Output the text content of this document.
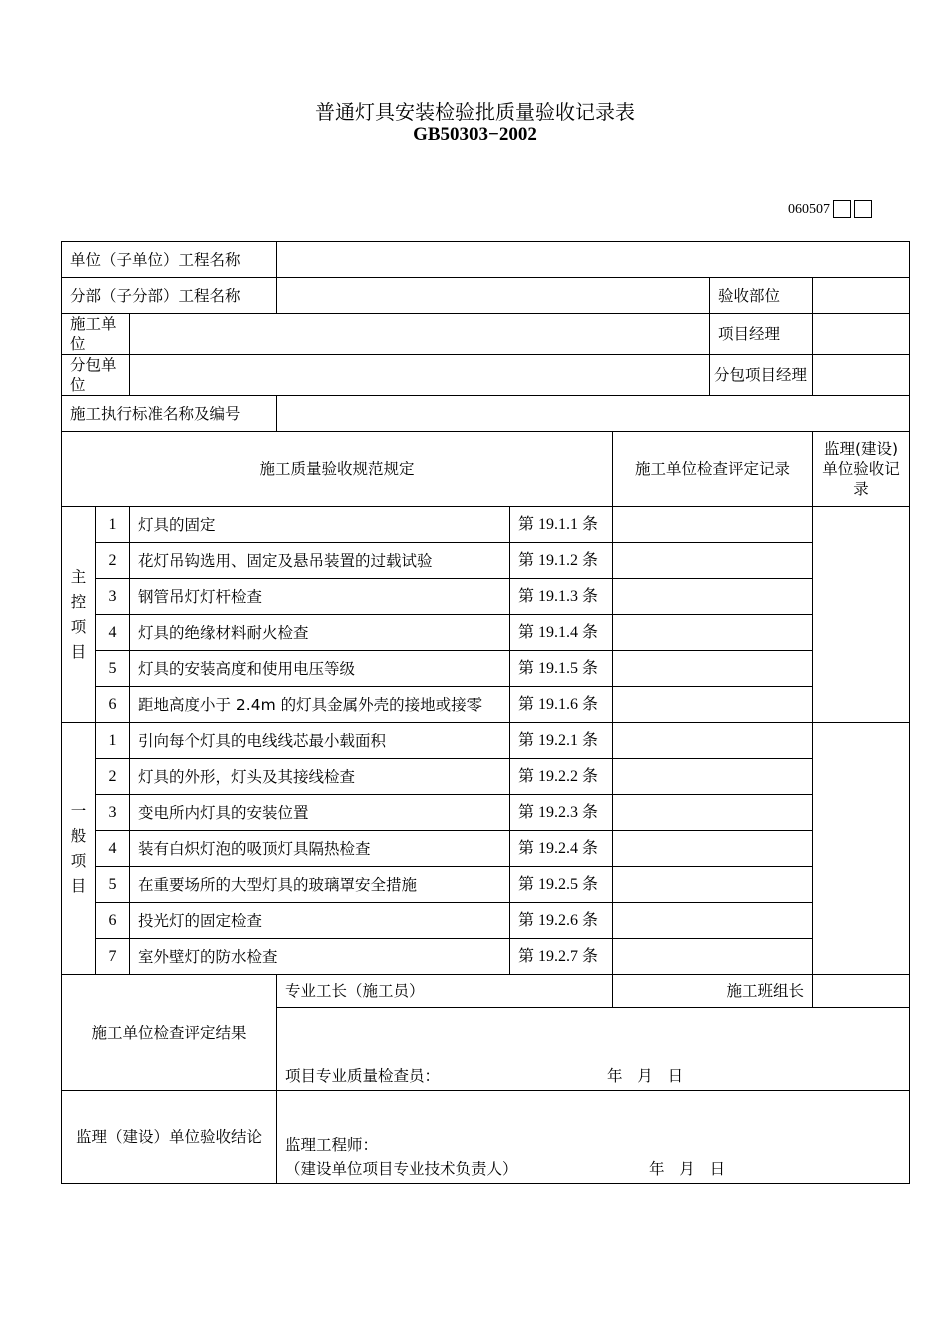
普通灯具安装检验批质量验收记录表
GB50303−2002
060507
单位（子单位）工程名称							
分部（子分部）工程名称						验收部位	
施工单位						项目经理	
分包单位						分包项目经理	
施工执行标准名称及编号							
施工质量验收规范规定					施工单位检查评定记录		监理(建设)单位验收记录
主控项目	1	灯具的固定		第 19.1.1 条			
	2	花灯吊钩选用、固定及悬吊装置的过载试验		第 19.1.2 条			
	3	钢管吊灯灯杆检查		第 19.1.3 条			
	4	灯具的绝缘材料耐火检查		第 19.1.4 条			
	5	灯具的安装高度和使用电压等级		第 19.1.5 条			
	6	距地高度小于 2.4m 的灯具金属外壳的接地或接零		第 19.1.6 条			
一般项目	1	引向每个灯具的电线线芯最小载面积		第 19.2.1 条			
	2	灯具的外形，灯头及其接线检查		第 19.2.2 条			
	3	变电所内灯具的安装位置		第 19.2.3 条			
	4	装有白炽灯泡的吸顶灯具隔热检查		第 19.2.4 条			
	5	在重要场所的大型灯具的玻璃罩安全措施		第 19.2.5 条			
	6	投光灯的固定检查		第 19.2.6 条			
	7	室外壁灯的防水检查		第 19.2.7 条			
施工单位检查评定结果			专业工长（施工员）		施工班组长		

			项目专业质量检查员： 年   月   日				

监理（建设）单位验收结论			监理工程师：
（建设单位项目专业技术负责人） 年   月   日				
